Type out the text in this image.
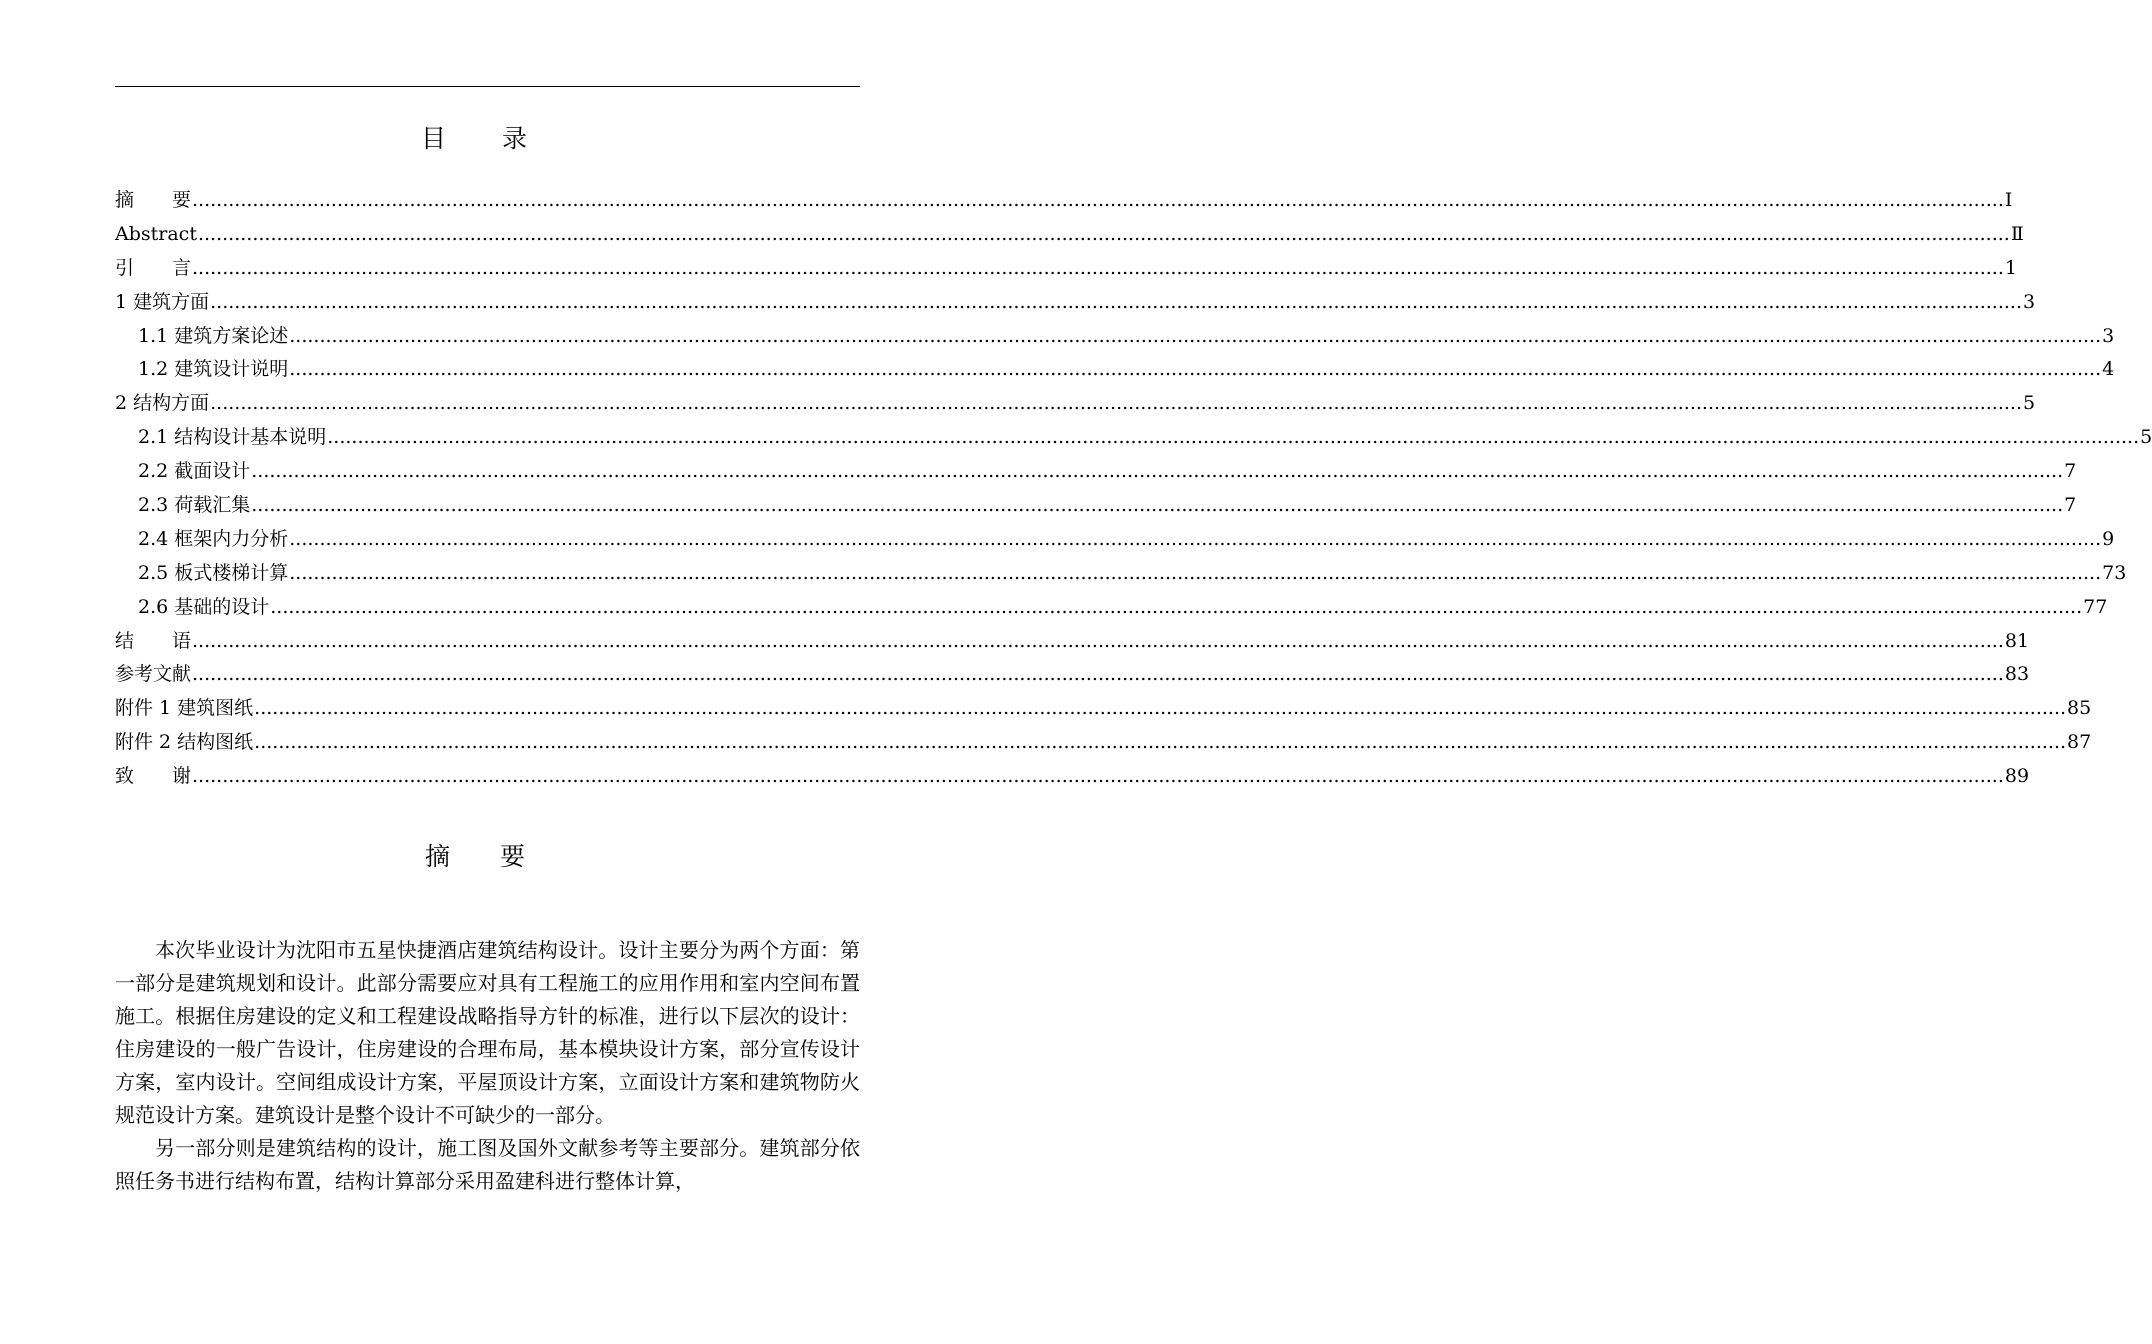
目　　录
摘　　要 ............................................................................................................................................................................................................................................................................................................ I
Abstract ............................................................................................................................................................................................................................................................................................................ Ⅱ
引　　言 ............................................................................................................................................................................................................................................................................................................ 1
1 建筑方面 ............................................................................................................................................................................................................................................................................................................ 3
1.1 建筑方案论述 ............................................................................................................................................................................................................................................................................................................ 3
1.2 建筑设计说明 ............................................................................................................................................................................................................................................................................................................ 4
2 结构方面 ............................................................................................................................................................................................................................................................................................................ 5
2.1 结构设计基本说明 ............................................................................................................................................................................................................................................................................................................ 5
2.2 截面设计 ............................................................................................................................................................................................................................................................................................................ 7
2.3 荷载汇集 ............................................................................................................................................................................................................................................................................................................ 7
2.4 框架内力分析 ............................................................................................................................................................................................................................................................................................................ 9
2.5 板式楼梯计算 ............................................................................................................................................................................................................................................................................................................ 73
2.6 基础的设计 ............................................................................................................................................................................................................................................................................................................ 77
结　　语 ............................................................................................................................................................................................................................................................................................................ 81
参考文献 ............................................................................................................................................................................................................................................................................................................ 83
附件 1 建筑图纸 ............................................................................................................................................................................................................................................................................................................ 85
附件 2 结构图纸 ............................................................................................................................................................................................................................................................................................................ 87
致　　谢 ............................................................................................................................................................................................................................................................................................................ 89
摘　　要

本次毕业设计为沈阳市五星快捷酒店建筑结构设计。设计主要分为两个方面：第一部分是建筑规划和设计。此部分需要应对具有工程施工的应用作用和室内空间布置施工。根据住房建设的定义和工程建设战略指导方针的标准，进行以下层次的设计：住房建设的一般广告设计，住房建设的合理布局，基本模块设计方案，部分宣传设计方案，室内设计。空间组成设计方案，平屋顶设计方案，立面设计方案和建筑物防火规范设计方案。建筑设计是整个设计不可缺少的一部分。

另一部分则是建筑结构的设计，施工图及国外文献参考等主要部分。建筑部分依照任务书进行结构布置，结构计算部分采用盈建科进行整体计算，
